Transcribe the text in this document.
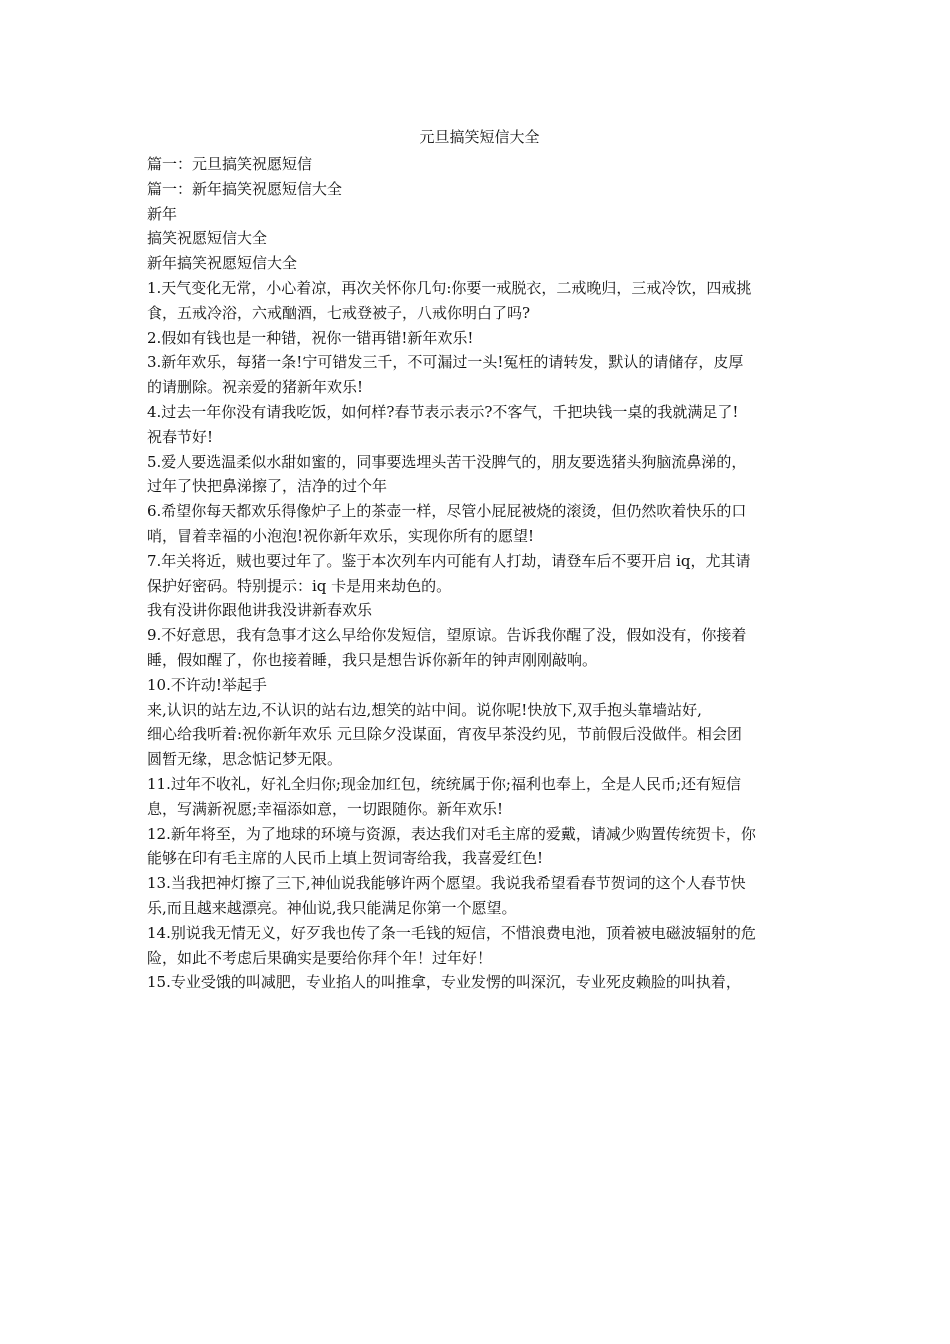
元旦搞笑短信大全
篇一：元旦搞笑祝愿短信
篇一：新年搞笑祝愿短信大全
新年
搞笑祝愿短信大全
新年搞笑祝愿短信大全
1.天气变化无常，小心着凉，再次关怀你几句:你要一戒脱衣，二戒晚归，三戒冷饮，四戒挑
食，五戒冷浴，六戒酗酒，七戒登被子，八戒你明白了吗?
2.假如有钱也是一种错，祝你一错再错!新年欢乐!
3.新年欢乐，每猪一条!宁可错发三千，不可漏过一头!冤枉的请转发，默认的请储存，皮厚
的请删除。祝亲爱的猪新年欢乐!
4.过去一年你没有请我吃饭，如何样?春节表示表示?不客气，千把块钱一桌的我就满足了!
祝春节好!
5.爱人要选温柔似水甜如蜜的，同事要选埋头苦干没脾气的，朋友要选猪头狗脑流鼻涕的，
过年了快把鼻涕擦了，洁净的过个年
6.希望你每天都欢乐得像炉子上的茶壶一样，尽管小屁屁被烧的滚烫，但仍然吹着快乐的口
哨，冒着幸福的小泡泡!祝你新年欢乐，实现你所有的愿望!
7.年关将近，贼也要过年了。鉴于本次列车内可能有人打劫，请登车后不要开启 iq，尤其请
保护好密码。特别提示：iq 卡是用来劫色的。
我有没讲你跟他讲我没讲新春欢乐
9.不好意思，我有急事才这么早给你发短信，望原谅。告诉我你醒了没，假如没有，你接着
睡，假如醒了，你也接着睡，我只是想告诉你新年的钟声刚刚敲响。
10.不许动!举起手
来,认识的站左边,不认识的站右边,想笑的站中间。说你呢!快放下,双手抱头靠墙站好,
细心给我听着:祝你新年欢乐 元旦除夕没谋面，宵夜早茶没约见，节前假后没做伴。相会团
圆暂无缘，思念惦记梦无限。
11.过年不收礼，好礼全归你;现金加红包，统统属于你;福利也奉上，全是人民币;还有短信
息，写满新祝愿;幸福添如意，一切跟随你。新年欢乐!
12.新年将至，为了地球的环境与资源，表达我们对毛主席的爱戴，请减少购置传统贺卡，你
能够在印有毛主席的人民币上填上贺词寄给我，我喜爱红色!
13.当我把神灯擦了三下,神仙说我能够许两个愿望。我说我希望看春节贺词的这个人春节快
乐,而且越来越漂亮。神仙说,我只能满足你第一个愿望。
14.别说我无情无义，好歹我也传了条一毛钱的短信，不惜浪费电池，顶着被电磁波辐射的危
险，如此不考虑后果确实是要给你拜个年！过年好！
15.专业受饿的叫减肥，专业掐人的叫推拿，专业发愣的叫深沉，专业死皮赖脸的叫执着，
